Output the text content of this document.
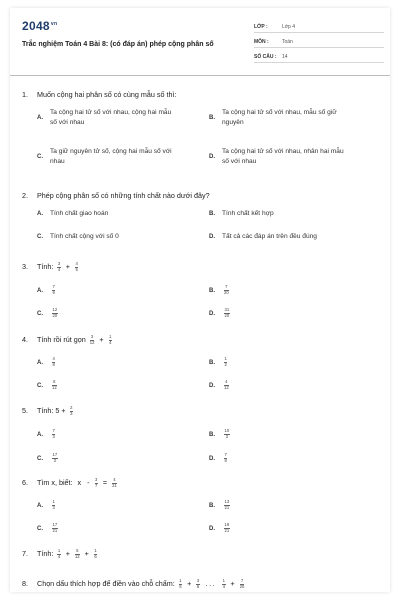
$2048^{vn}$
Trắc nghiệm Toán 4 Bài 8: (có đáp án) phép cộng phân số
LỚP :	Lớp 4
MÔN :	Toán
SỐ CÂU : 14
1. Muốn cộng hai phân số có cùng mẫu số thì:
A.
Ta cộng hai tử số với nhau, cộng hai mẫu số với nhau
B.
Ta cộng hai tử số với nhau, mẫu số giữ nguyên
C.
Ta giữ nguyên tử số, cộng hai mẫu số với nhau
D.
Ta cộng hai tử số với nhau, nhân hai mẫu số với nhau
2. Phép cộng phân số có những tính chất nào dưới đây?
A. Tính chất giao hoán	B. Tính chất kết hợp
C. Tính chất cộng với số 0	D. Tất cả các đáp án trên đều đúng
3. Tính: $\frac{3}{4} + \frac{4}{5}$
A. $\frac{7}{9}$	B. $\frac{7}{20}$
C. $\frac{12}{20}$	D. $\frac{31}{20}$
4. Tính rồi rút gọn $\frac{3}{12} + \frac{1}{4}$
A. $\frac{4}{8}$	B. $\frac{1}{2}$
C. $\frac{6}{12}$	D. $\frac{4}{12}$
5. Tính: $5 + \frac{2}{3}$
A. $\frac{7}{3}$	B. $\frac{10}{3}$
C. $\frac{17}{3}$	D. $\frac{7}{8}$
6. Tìm x, biết: $x - \frac{3}{7} = \frac{4}{21}$
A. $\frac{1}{3}$	B. $\frac{13}{21}$
C. $\frac{17}{21}$	D. $\frac{19}{21}$
7. Tính: $\frac{1}{4} + \frac{5}{12} + \frac{1}{6}$
8. Chọn dấu thích hợp để điền vào chỗ chấm: $\frac{1}{5} + \frac{3}{5}$ ... $\frac{1}{4} + \frac{7}{20}$
